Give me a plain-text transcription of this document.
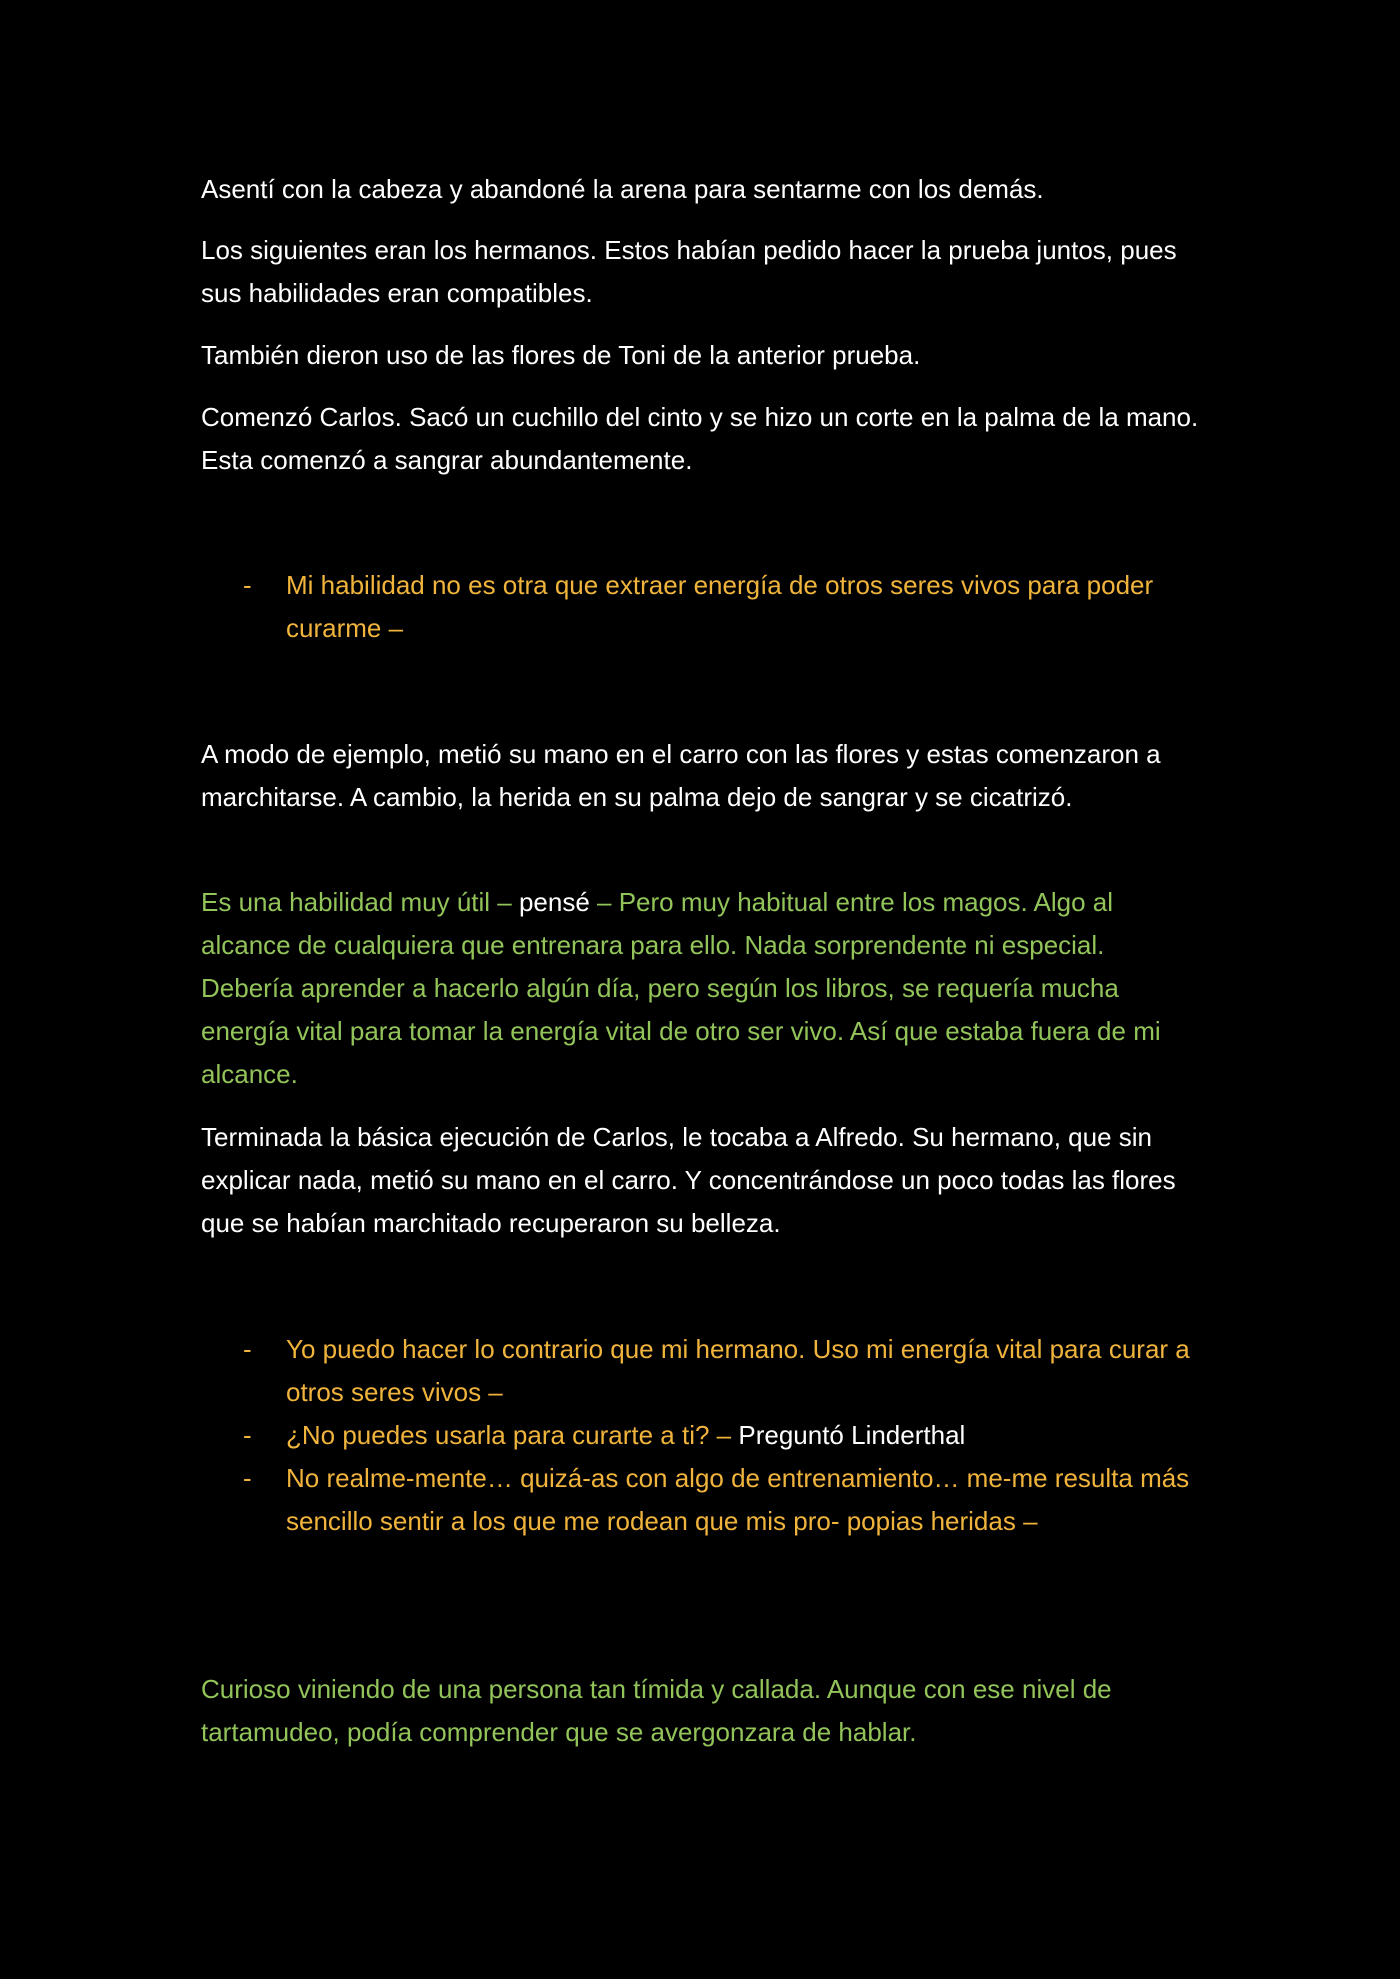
Asentí con la cabeza y abandoné la arena para sentarme con los demás.

Los siguientes eran los hermanos. Estos habían pedido hacer la prueba juntos, pues sus habilidades eran compatibles.

También dieron uso de las flores de Toni de la anterior prueba.

Comenzó Carlos. Sacó un cuchillo del cinto y se hizo un corte en la palma de la mano. Esta comenzó a sangrar abundantemente.

- Mi habilidad no es otra que extraer energía de otros seres vivos para poder curarme –

A modo de ejemplo, metió su mano en el carro con las flores y estas comenzaron a marchitarse. A cambio, la herida en su palma dejo de sangrar y se cicatrizó.

Es una habilidad muy útil – pensé – Pero muy habitual entre los magos. Algo al alcance de cualquiera que entrenara para ello. Nada sorprendente ni especial. Debería aprender a hacerlo algún día, pero según los libros, se requería mucha energía vital para tomar la energía vital de otro ser vivo. Así que estaba fuera de mi alcance.

Terminada la básica ejecución de Carlos, le tocaba a Alfredo. Su hermano, que sin explicar nada, metió su mano en el carro. Y concentrándose un poco todas las flores que se habían marchitado recuperaron su belleza.

- Yo puedo hacer lo contrario que mi hermano. Uso mi energía vital para curar a otros seres vivos –
- ¿No puedes usarla para curarte a ti? – Preguntó Linderthal
- No realme-mente… quizá-as con algo de entrenamiento… me-me resulta más sencillo sentir a los que me rodean que mis pro- popias heridas –

Curioso viniendo de una persona tan tímida y callada. Aunque con ese nivel de tartamudeo, podía comprender que se avergonzara de hablar.
